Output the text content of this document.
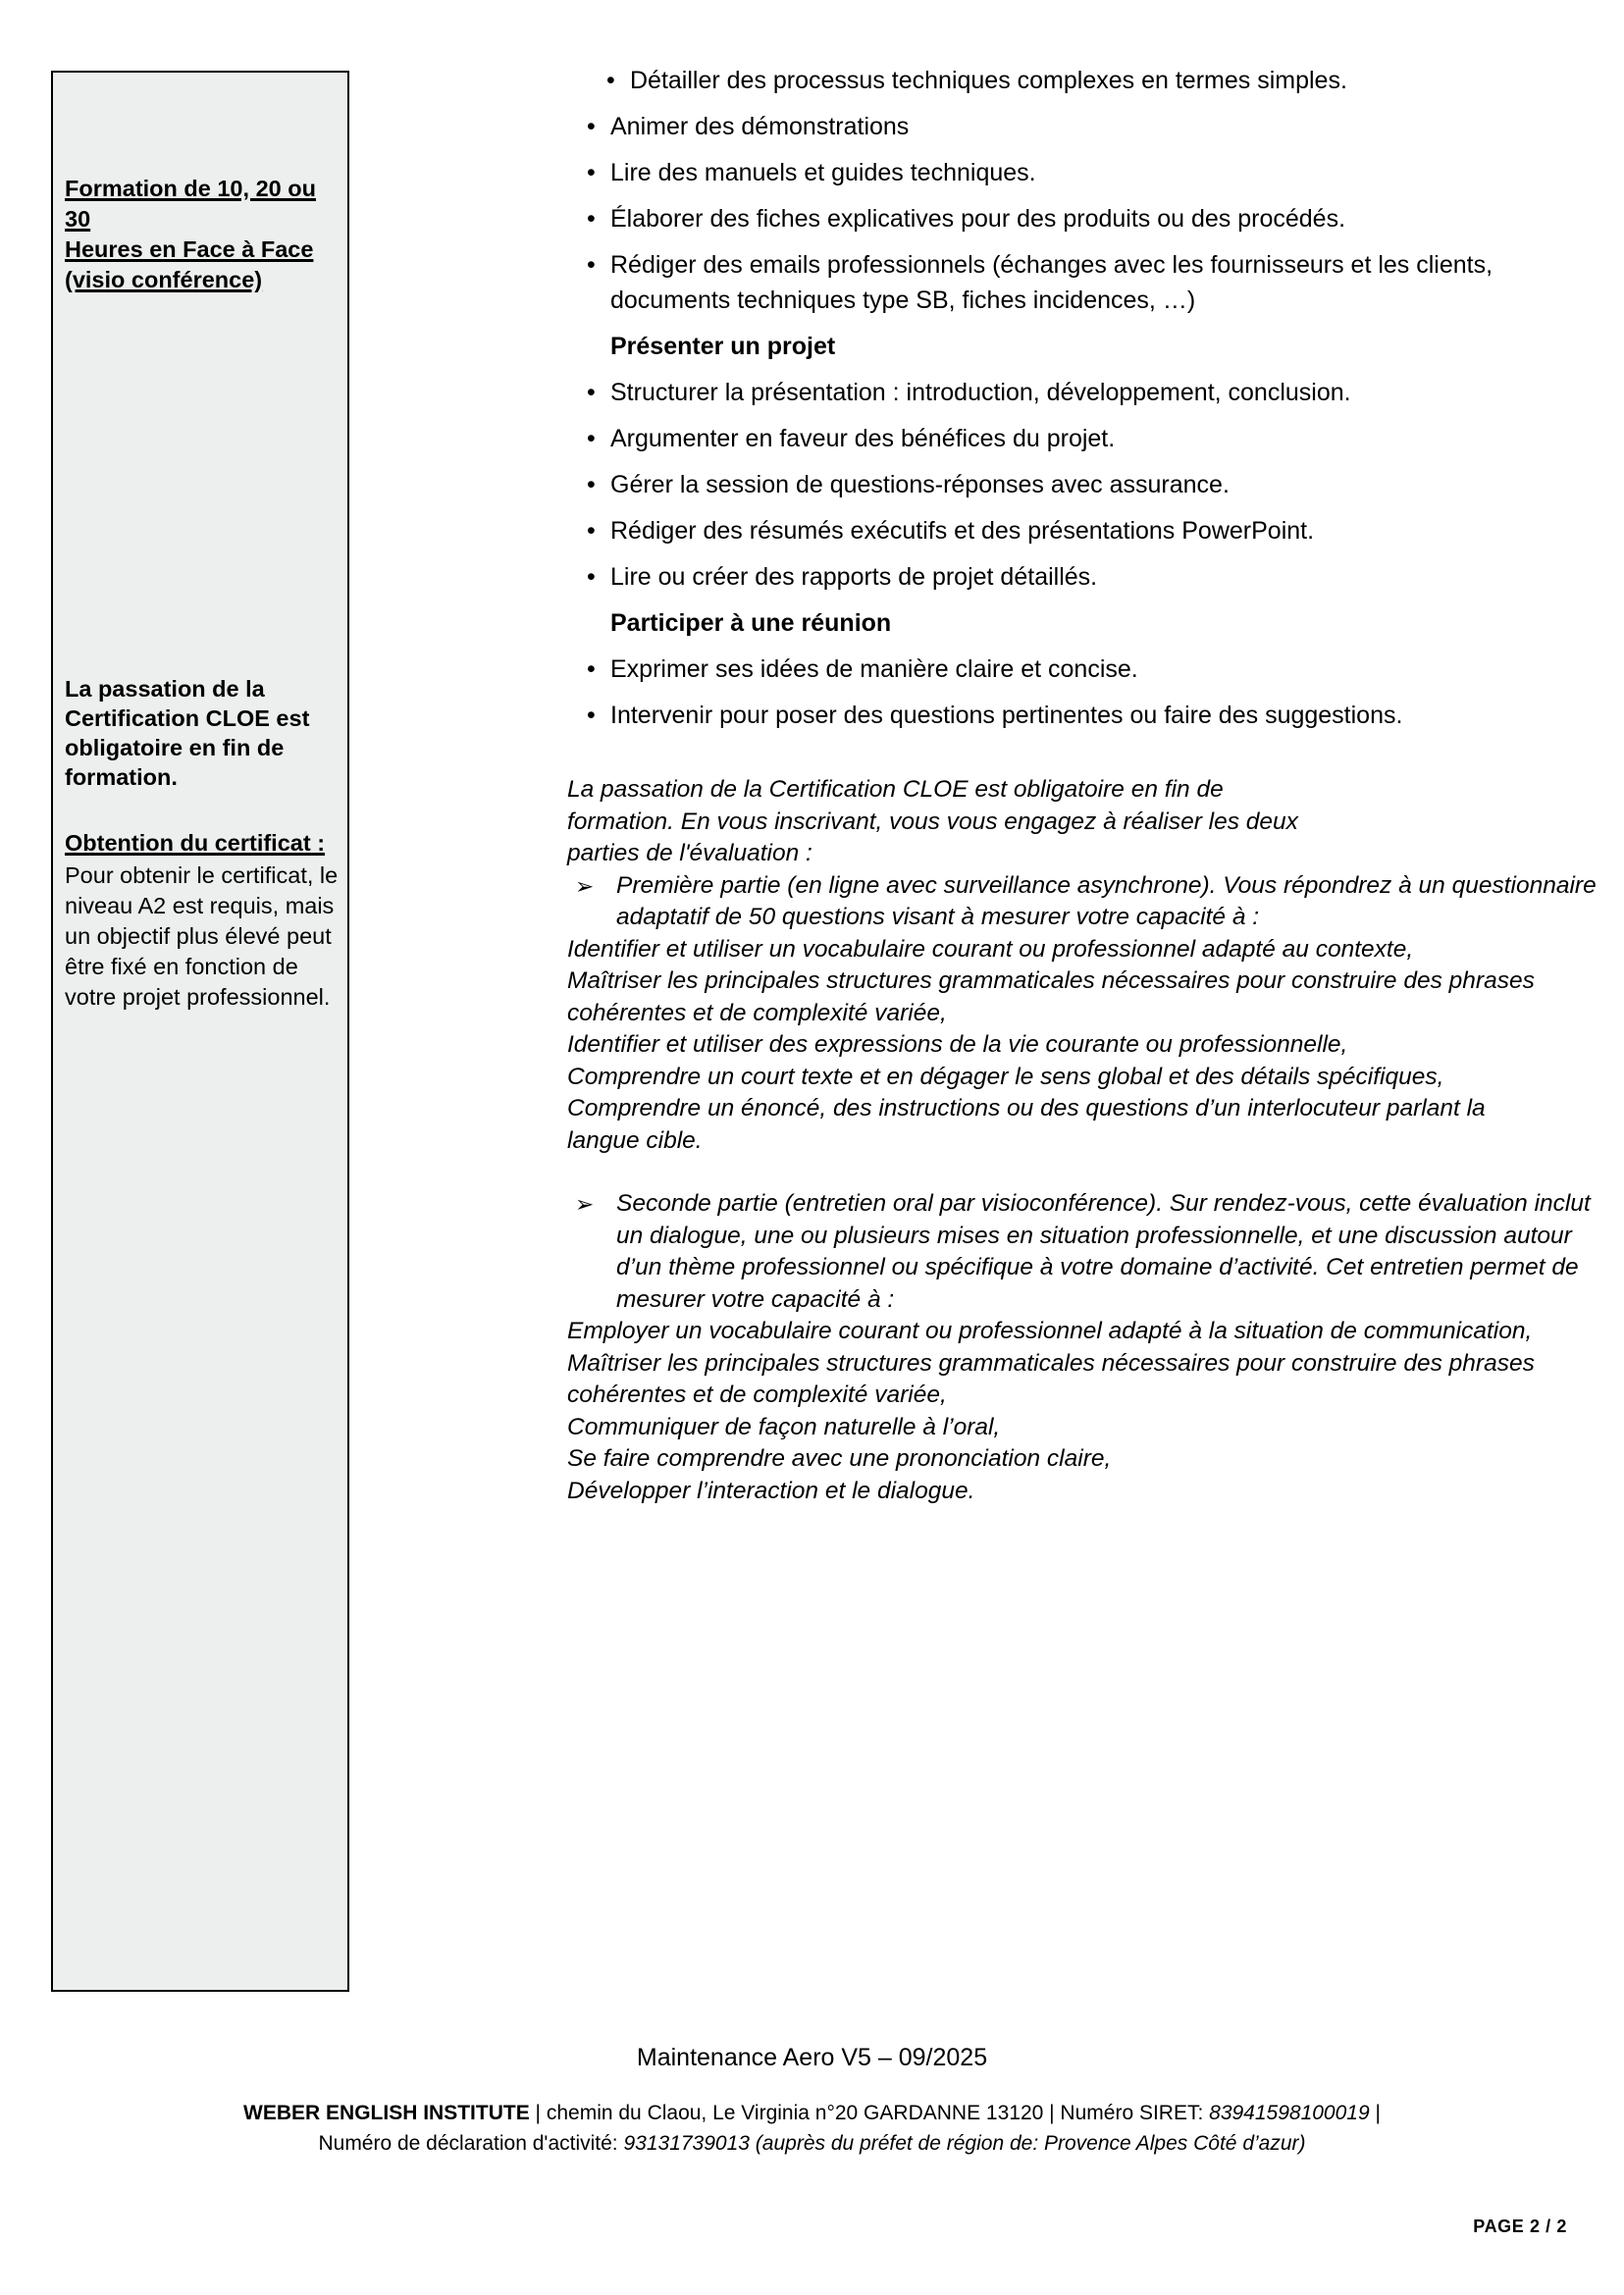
Formation de 10, 20 ou 30
Heures en Face à Face
(visio conférence)
La passation de la Certification CLOE est obligatoire en fin de formation.
Obtention du certificat :
Pour obtenir le certificat, le niveau A2 est requis, mais un objectif plus élevé peut être fixé en fonction de votre projet professionnel.
• Détailler des processus techniques complexes en termes simples.
• Animer des démonstrations
• Lire des manuels et guides techniques.
• Élaborer des fiches explicatives pour des produits ou des procédés.
• Rédiger des emails professionnels (échanges avec les fournisseurs et les clients, documents techniques type SB, fiches incidences, …)
Présenter un projet
• Structurer la présentation : introduction, développement, conclusion.
• Argumenter en faveur des bénéfices du projet.
• Gérer la session de questions-réponses avec assurance.
• Rédiger des résumés exécutifs et des présentations PowerPoint.
• Lire ou créer des rapports de projet détaillés.
Participer à une réunion
• Exprimer ses idées de manière claire et concise.
• Intervenir pour poser des questions pertinentes ou faire des suggestions.

La passation de la Certification CLOE est obligatoire en fin de formation. En vous inscrivant, vous vous engagez à réaliser les deux parties de l'évaluation :

➢ Première partie (en ligne avec surveillance asynchrone). Vous répondrez à un questionnaire adaptatif de 50 questions visant à mesurer votre capacité à :

Identifier et utiliser un vocabulaire courant ou professionnel adapté au contexte,

Maîtriser les principales structures grammaticales nécessaires pour construire des phrases cohérentes et de complexité variée,

Identifier et utiliser des expressions de la vie courante ou professionnelle,

Comprendre un court texte et en dégager le sens global et des détails spécifiques,

Comprendre un énoncé, des instructions ou des questions d’un interlocuteur parlant la langue cible.

➢ Seconde partie (entretien oral par visioconférence). Sur rendez-vous, cette évaluation inclut un dialogue, une ou plusieurs mises en situation professionnelle, et une discussion autour d’un thème professionnel ou spécifique à votre domaine d’activité. Cet entretien permet de mesurer votre capacité à :

Employer un vocabulaire courant ou professionnel adapté à la situation de communication,

Maîtriser les principales structures grammaticales nécessaires pour construire des phrases cohérentes et de complexité variée,

Communiquer de façon naturelle à l’oral,

Se faire comprendre avec une prononciation claire,

Développer l’interaction et le dialogue.

Maintenance Aero V5 – 09/2025
WEBER ENGLISH INSTITUTE | chemin du Claou, Le Virginia n°20 GARDANNE 13120 | Numéro SIRET: 83941598100019 |
Numéro de déclaration d'activité: 93131739013 (auprès du préfet de région de: Provence Alpes Côté d’azur)
PAGE 2 / 2
